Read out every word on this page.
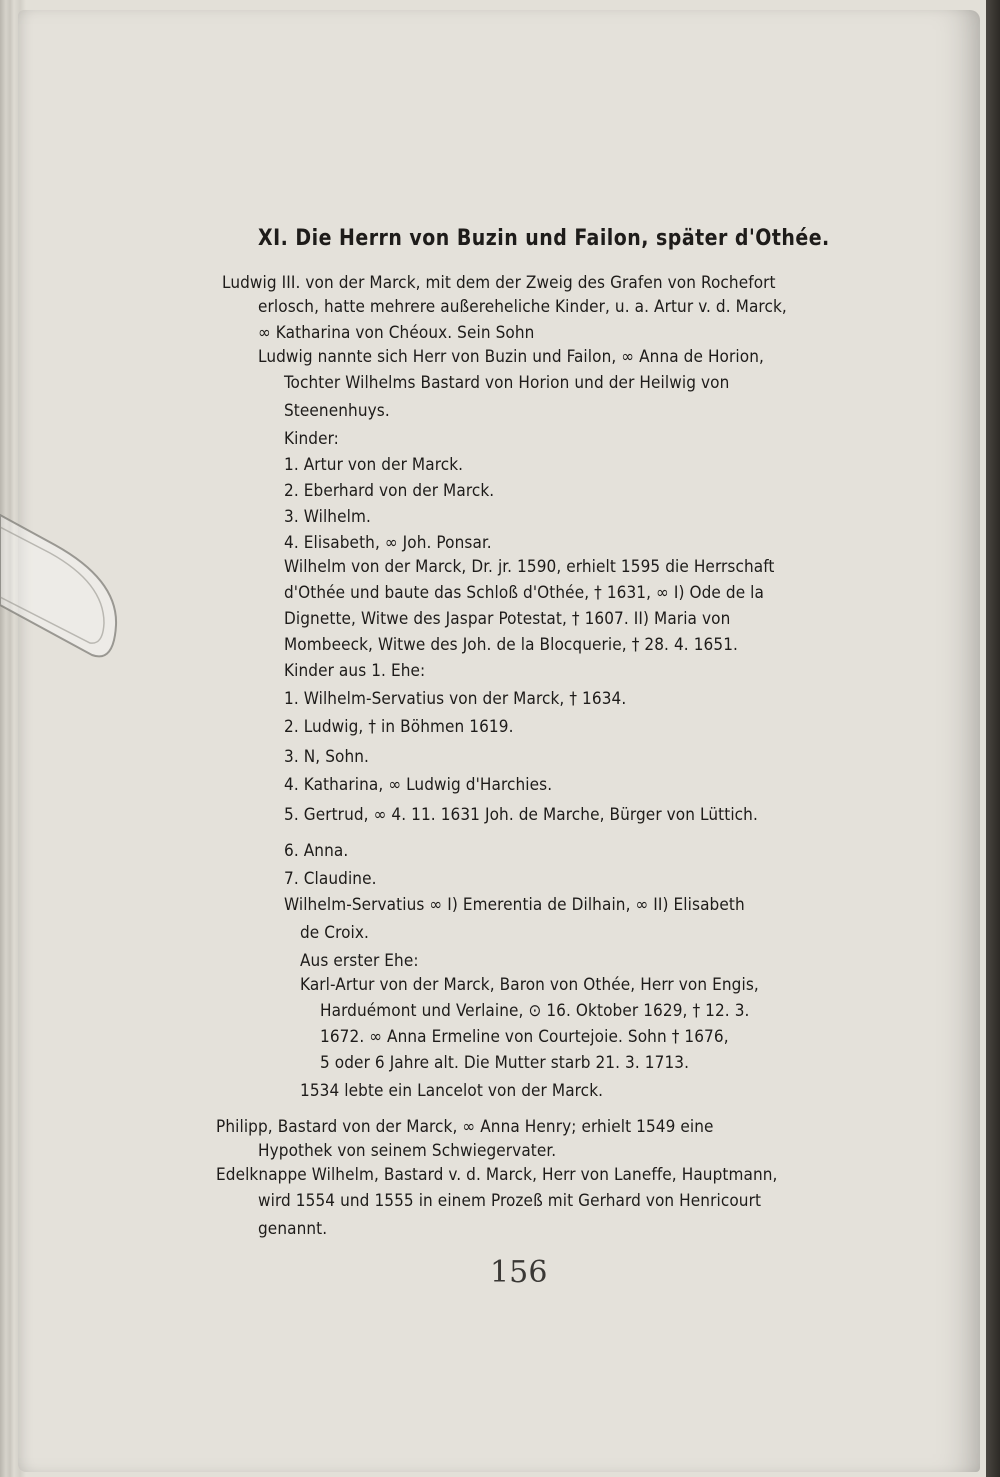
XI. Die Herrn von Buzin und Failon, später d'Othée.
Ludwig III. von der Marck, mit dem der Zweig des Grafen von Rochefort
erlosch, hatte mehrere außereheliche Kinder, u. a. Artur v. d. Marck,
∞ Katharina von Chéoux. Sein Sohn
Ludwig nannte sich Herr von Buzin und Failon, ∞ Anna de Horion,
Tochter Wilhelms Bastard von Horion und der Heilwig von
Steenenhuys.
Kinder:
1. Artur von der Marck.
2. Eberhard von der Marck.
3. Wilhelm.
4. Elisabeth, ∞ Joh. Ponsar.
Wilhelm von der Marck, Dr. jr. 1590, erhielt 1595 die Herrschaft
d'Othée und baute das Schloß d'Othée, † 1631, ∞ I) Ode de la
Dignette, Witwe des Jaspar Potestat, † 1607. II) Maria von
Mombeeck, Witwe des Joh. de la Blocquerie, † 28. 4. 1651.
Kinder aus 1. Ehe:
1. Wilhelm-Servatius von der Marck, † 1634.
2. Ludwig, † in Böhmen 1619.
3. N, Sohn.
4. Katharina, ∞ Ludwig d'Harchies.
5. Gertrud, ∞ 4. 11. 1631 Joh. de Marche, Bürger von Lüttich.
6. Anna.
7. Claudine.
Wilhelm-Servatius ∞ I) Emerentia de Dilhain, ∞ II) Elisabeth
de Croix.
Aus erster Ehe:
Karl-Artur von der Marck, Baron von Othée, Herr von Engis,
Harduémont und Verlaine, ⊙ 16. Oktober 1629, † 12. 3.
1672. ∞ Anna Ermeline von Courtejoie. Sohn † 1676,
5 oder 6 Jahre alt. Die Mutter starb 21. 3. 1713.
1534 lebte ein Lancelot von der Marck.
Philipp, Bastard von der Marck, ∞ Anna Henry; erhielt 1549 eine
Hypothek von seinem Schwiegervater.
Edelknappe Wilhelm, Bastard v. d. Marck, Herr von Laneffe, Hauptmann,
wird 1554 und 1555 in einem Prozeß mit Gerhard von Henricourt
genannt.
156
